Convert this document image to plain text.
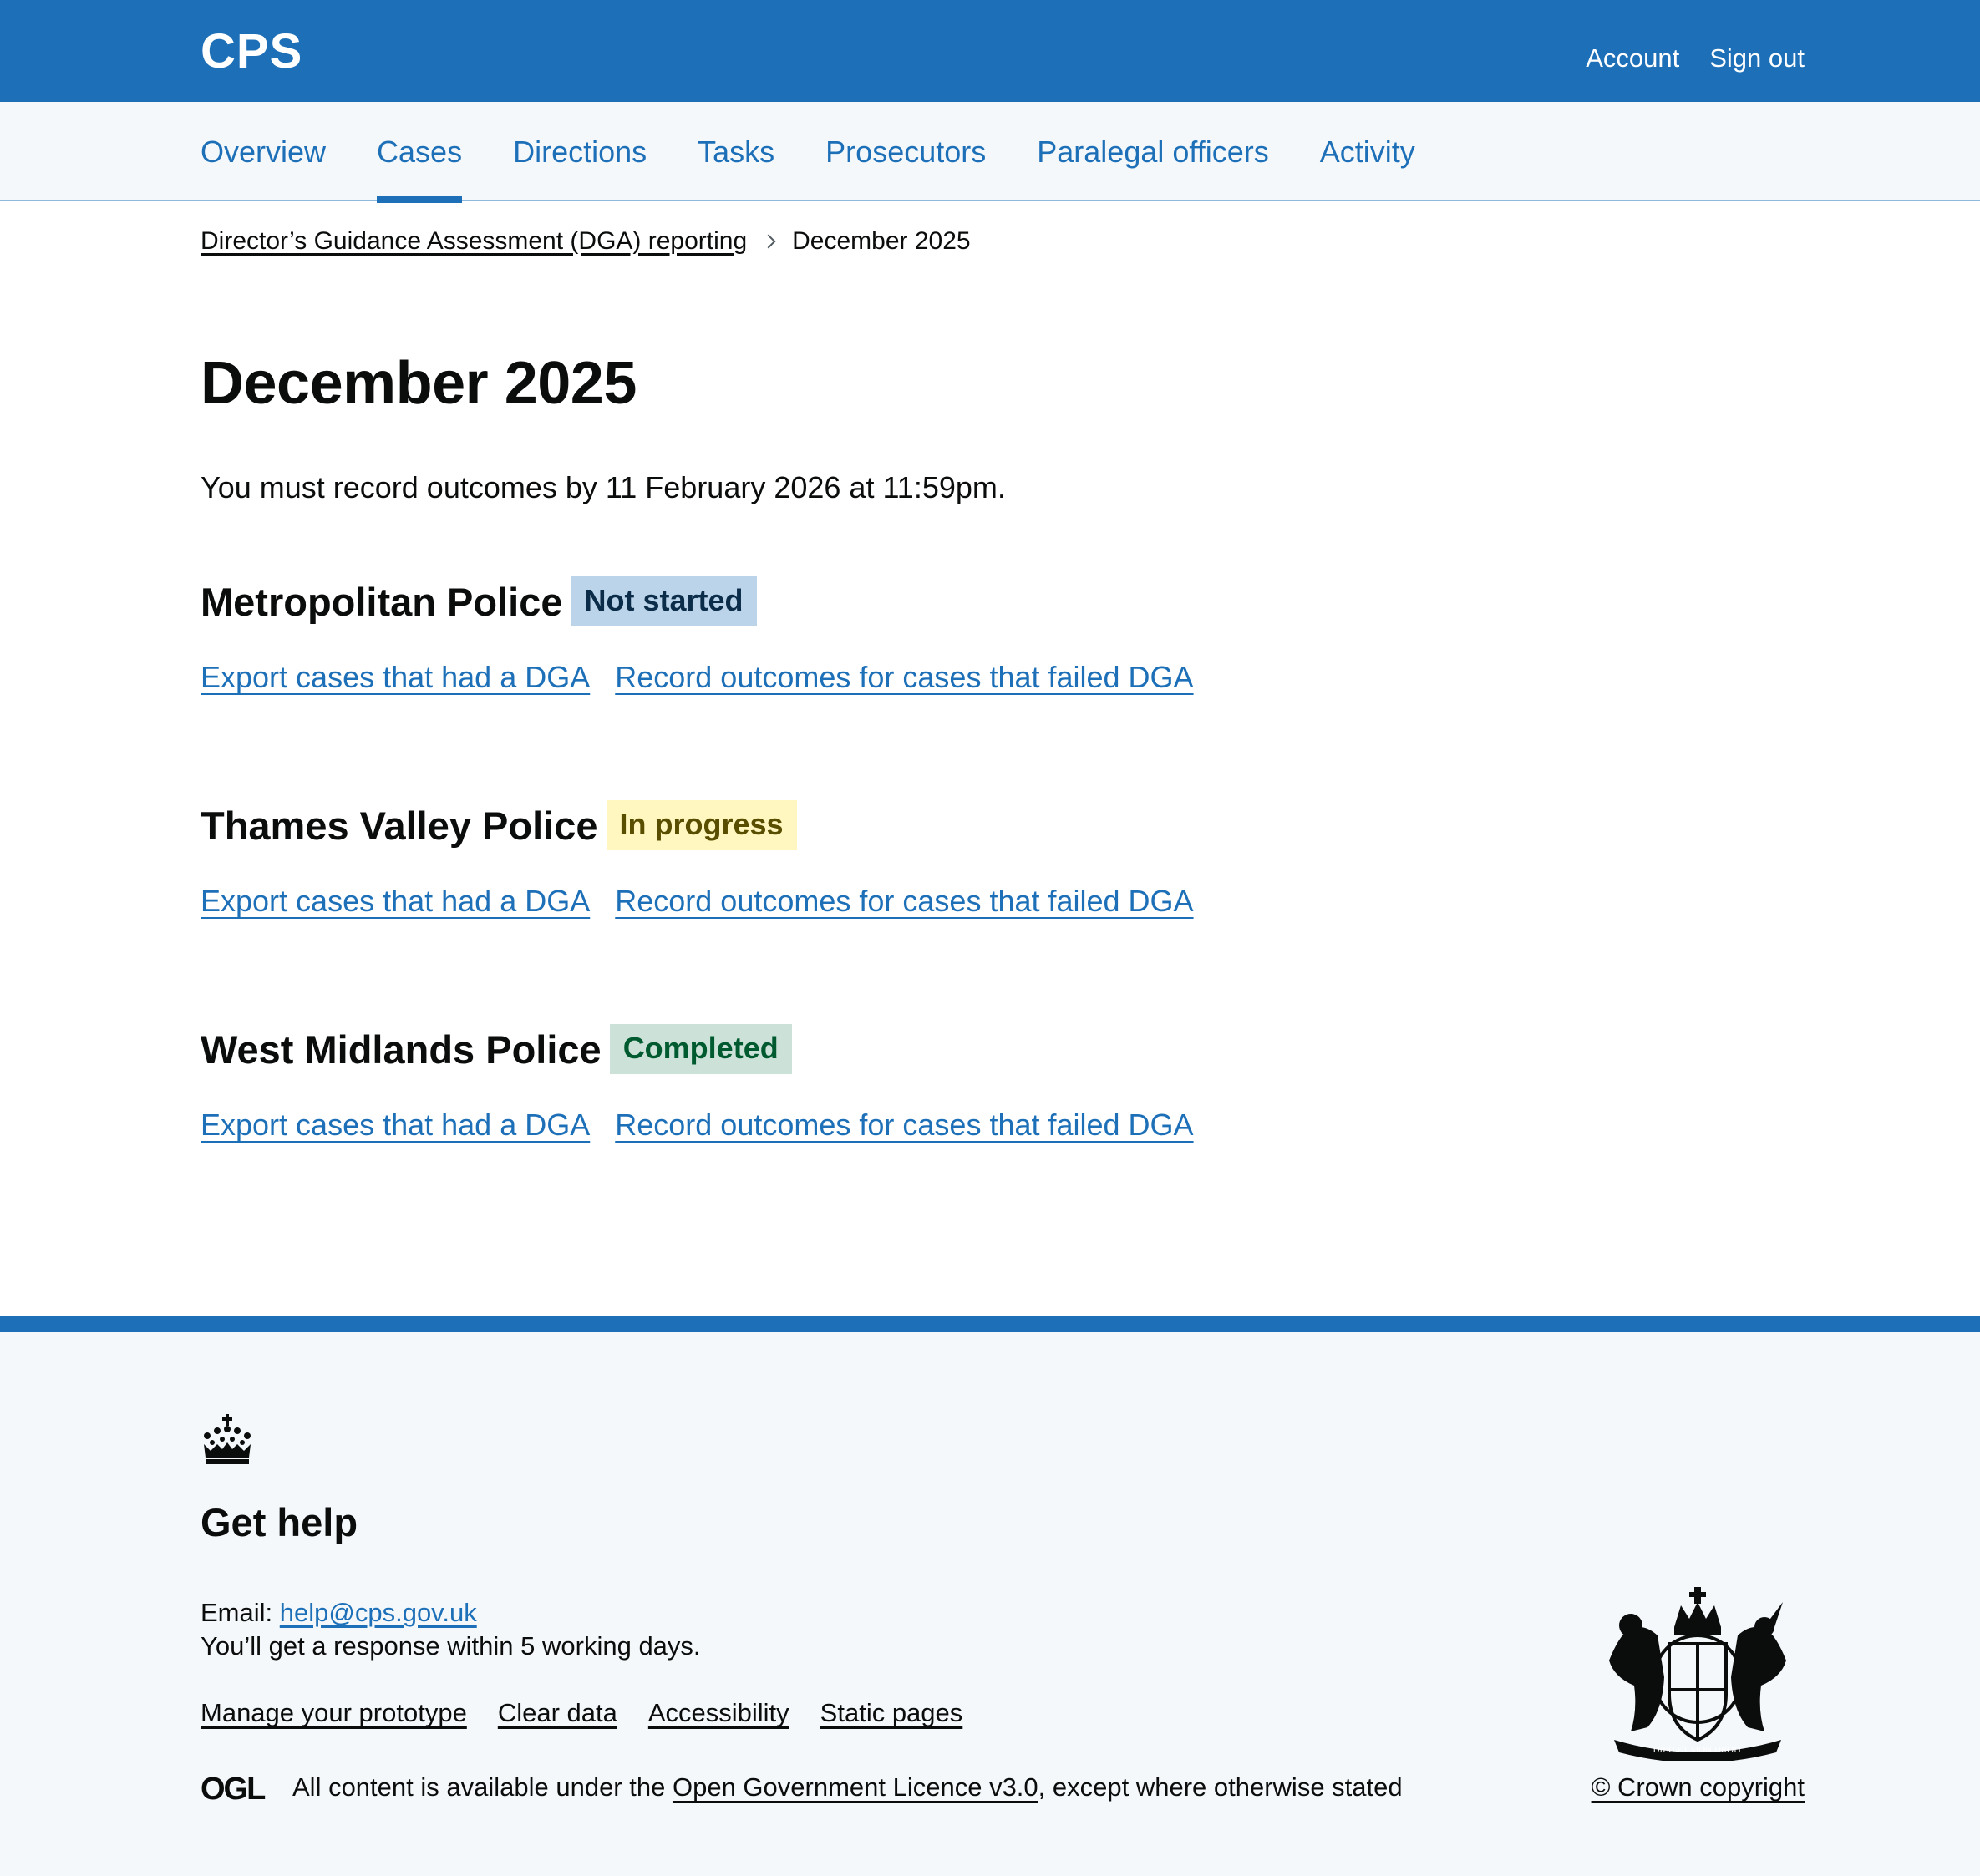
CPS	Account Sign out
Overview Cases Directions Tasks Prosecutors Paralegal officers Activity
Director’s Guidance Assessment (DGA) reporting December 2025
December 2025

You must record outcomes by 11 February 2026 at 11:59pm.

Metropolitan Police Not started
Export cases that had a DGA Record outcomes for cases that failed DGA
Thames Valley Police In progress
Export cases that had a DGA Record outcomes for cases that failed DGA
West Midlands Police Completed
Export cases that had a DGA Record outcomes for cases that failed DGA
Get help

Email: help@cps.gov.uk

You’ll get a response within 5 working days.

Manage your prototype Clear data Accessibility Static pages
OGL All content is available under the
Open Government Licence v3.0 , except where otherwise stated
DIEU ET MON DROIT
© Crown copyright
